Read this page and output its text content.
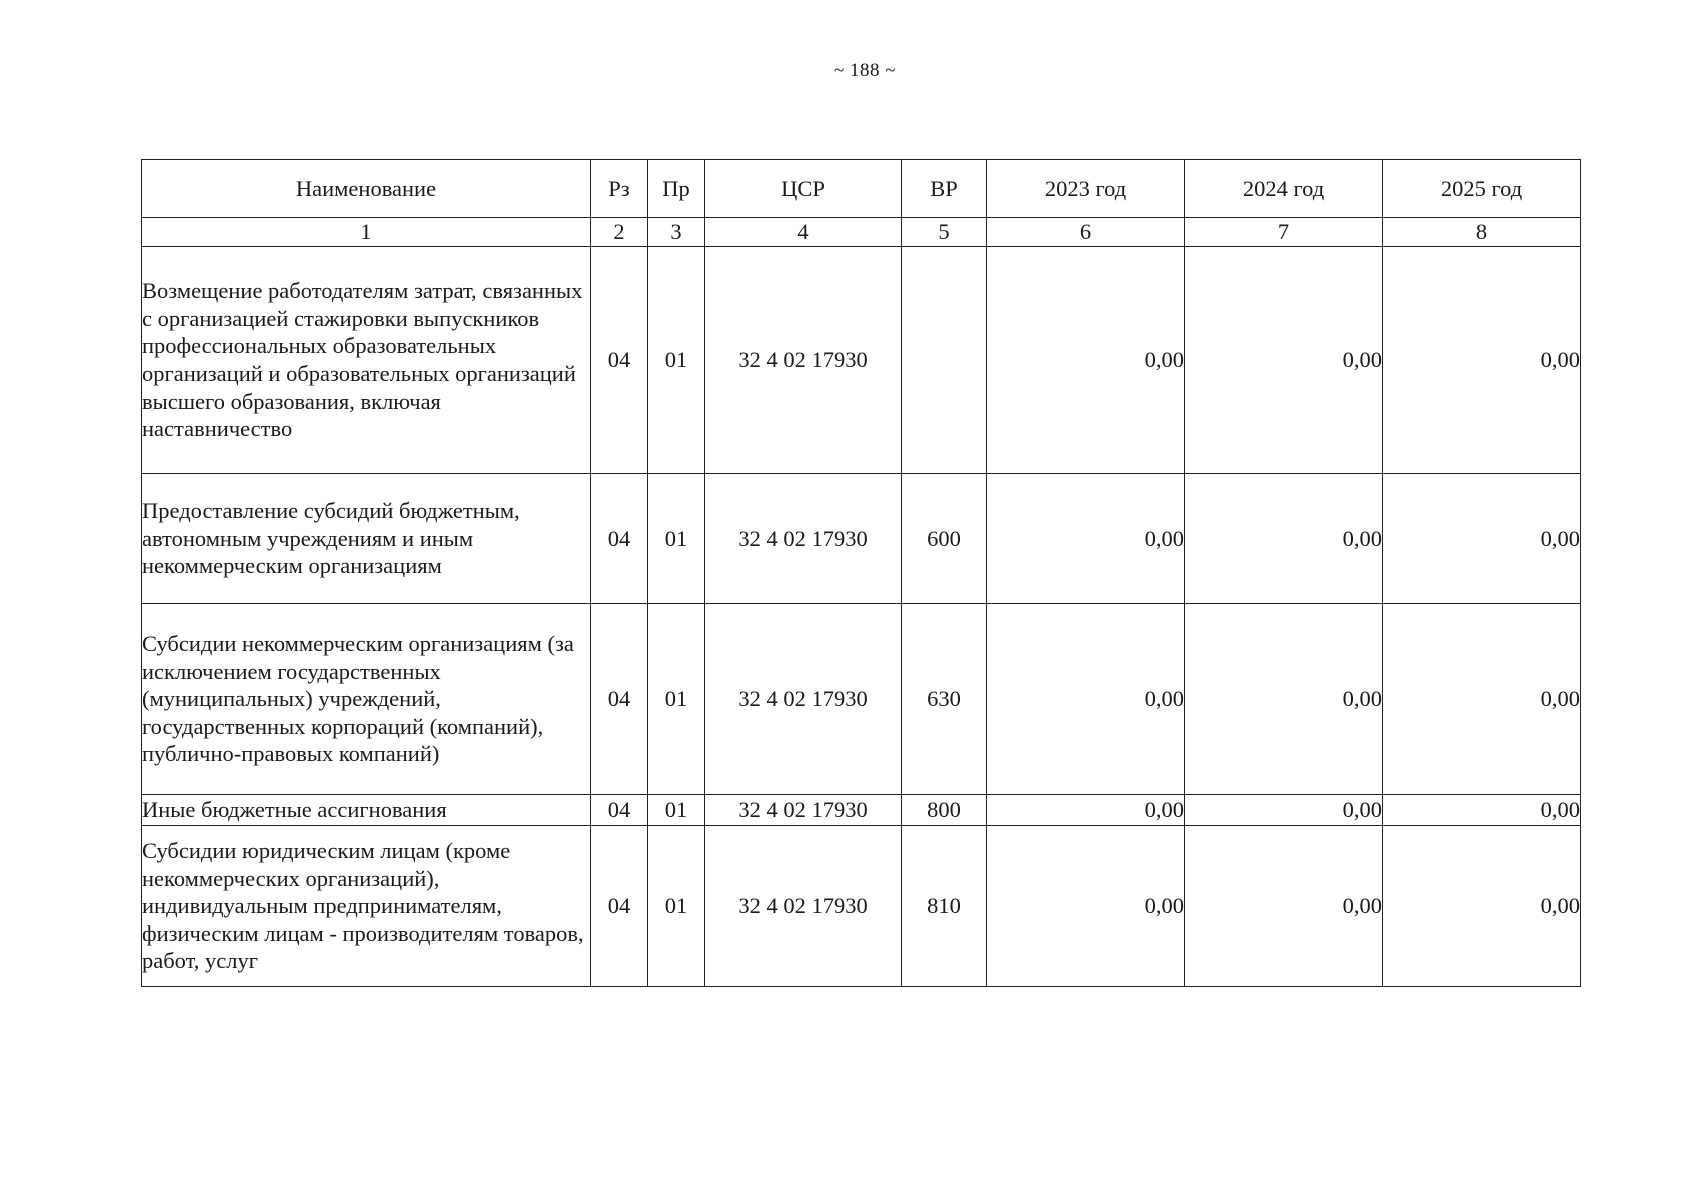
~ 188 ~
Наименование	Рз	Пр	ЦСР	ВР	2023 год	2024 год	2025 год
1	2	3	4	5	6	7	8
Возмещение работодателям затрат, связанных с организацией стажировки выпускников профессиональных образовательных организаций и образовательных организаций высшего образования, включая наставничество	04	01	32 4 02 17930		0,00	0,00	0,00
Предоставление субсидий бюджетным, автономным учреждениям и иным некоммерческим организациям	04	01	32 4 02 17930	600	0,00	0,00	0,00
Субсидии некоммерческим организациям (за исключением государственных (муниципальных) учреждений, государственных корпораций (компаний), публично-правовых компаний)	04	01	32 4 02 17930	630	0,00	0,00	0,00
Иные бюджетные ассигнования	04	01	32 4 02 17930	800	0,00	0,00	0,00
Субсидии юридическим лицам (кроме некоммерческих организаций), индивидуальным предпринимателям, физическим лицам - производителям товаров, работ, услуг	04	01	32 4 02 17930	810	0,00	0,00	0,00
